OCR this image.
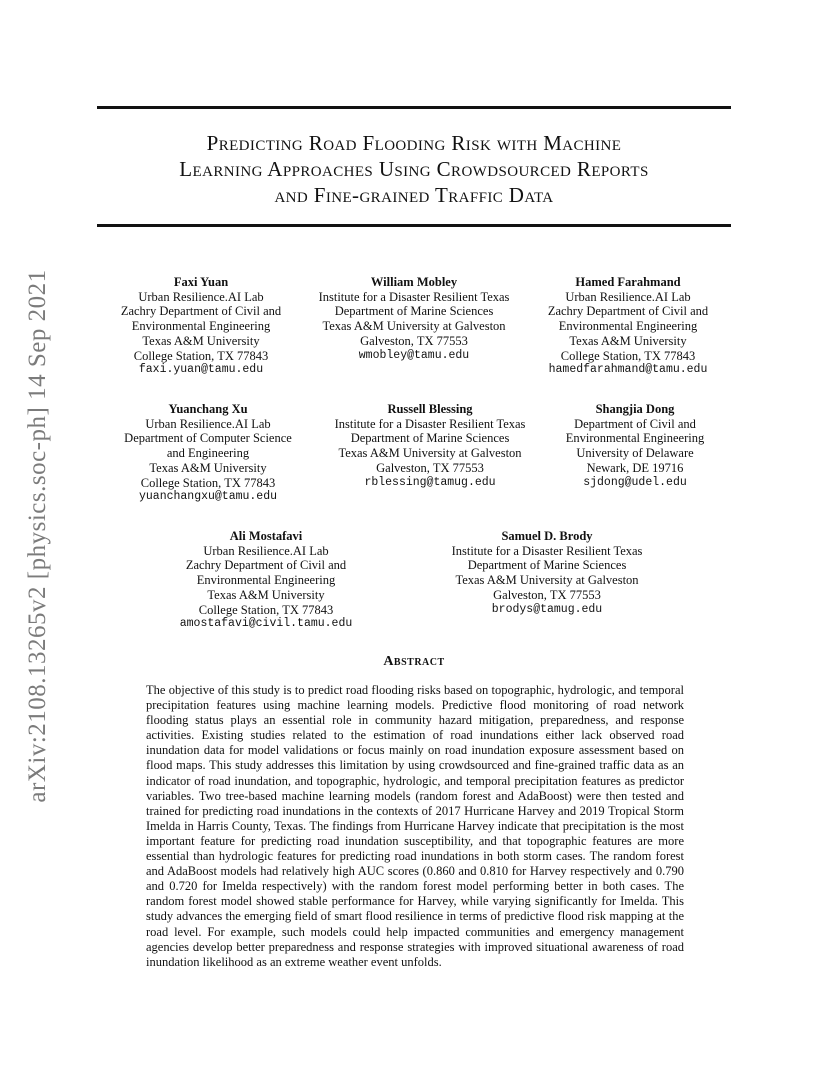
Predicting Road Flooding Risk with Machine
Learning Approaches Using Crowdsourced Reports
and Fine-grained Traffic Data
arXiv:2108.13265v2 [physics.soc-ph] 14 Sep 2021	Faxi Yuan
Urban Resilience.AI Lab
Zachry Department of Civil and
Environmental Engineering
Texas A&M University
College Station, TX 77843
faxi.yuan@tamu.edu
William Mobley
Institute for a Disaster Resilient Texas
Department of Marine Sciences
Texas A&M University at Galveston
Galveston, TX 77553
wmobley@tamu.edu
Hamed Farahmand
Urban Resilience.AI Lab
Zachry Department of Civil and
Environmental Engineering
Texas A&M University
College Station, TX 77843
hamedfarahmand@tamu.edu
Yuanchang Xu
Urban Resilience.AI Lab
Department of Computer Science
and Engineering
Texas A&M University
College Station, TX 77843
yuanchangxu@tamu.edu
Russell Blessing
Institute for a Disaster Resilient Texas
Department of Marine Sciences
Texas A&M University at Galveston
Galveston, TX 77553
rblessing@tamug.edu
Shangjia Dong
Department of Civil and
Environmental Engineering
University of Delaware
Newark, DE 19716
sjdong@udel.edu
Ali Mostafavi
Urban Resilience.AI Lab
Zachry Department of Civil and
Environmental Engineering
Texas A&M University
College Station, TX 77843
amostafavi@civil.tamu.edu
Samuel D. Brody
Institute for a Disaster Resilient Texas
Department of Marine Sciences
Texas A&M University at Galveston
Galveston, TX 77553
brodys@tamug.edu
Abstract

The objective of this study is to predict road flooding risks based on topographic, hydrologic, and temporal precipitation features using machine learning models. Predictive flood monitoring of road network flooding status plays an essential role in community hazard mitigation, preparedness, and response activities. Existing studies related to the estimation of road inundations either lack observed road inundation data for model validations or focus mainly on road inundation exposure assessment based on flood maps. This study addresses this limitation by using crowdsourced and fine-grained traffic data as an indicator of road inundation, and topographic, hydrologic, and temporal precipitation features as predictor variables. Two tree-based machine learning models (random forest and AdaBoost) were then tested and trained for predicting road inundations in the contexts of 2017 Hurricane Harvey and 2019 Tropical Storm Imelda in Harris County, Texas. The findings from Hurricane Harvey indicate that precipitation is the most important feature for predicting road inundation susceptibility, and that topographic features are more essential than hydrologic features for predicting road inundations in both storm cases. The random forest and AdaBoost models had relatively high AUC scores (0.860 and 0.810 for Harvey respectively and 0.790 and 0.720 for Imelda respectively) with the random forest model performing better in both cases. The random forest model showed stable performance for Harvey, while varying significantly for Imelda. This study advances the emerging field of smart flood resilience in terms of predictive flood risk mapping at the road level. For example, such models could help impacted communities and emergency management agencies develop better preparedness and response strategies with improved situational awareness of road inundation likelihood as an extreme weather event unfolds.
